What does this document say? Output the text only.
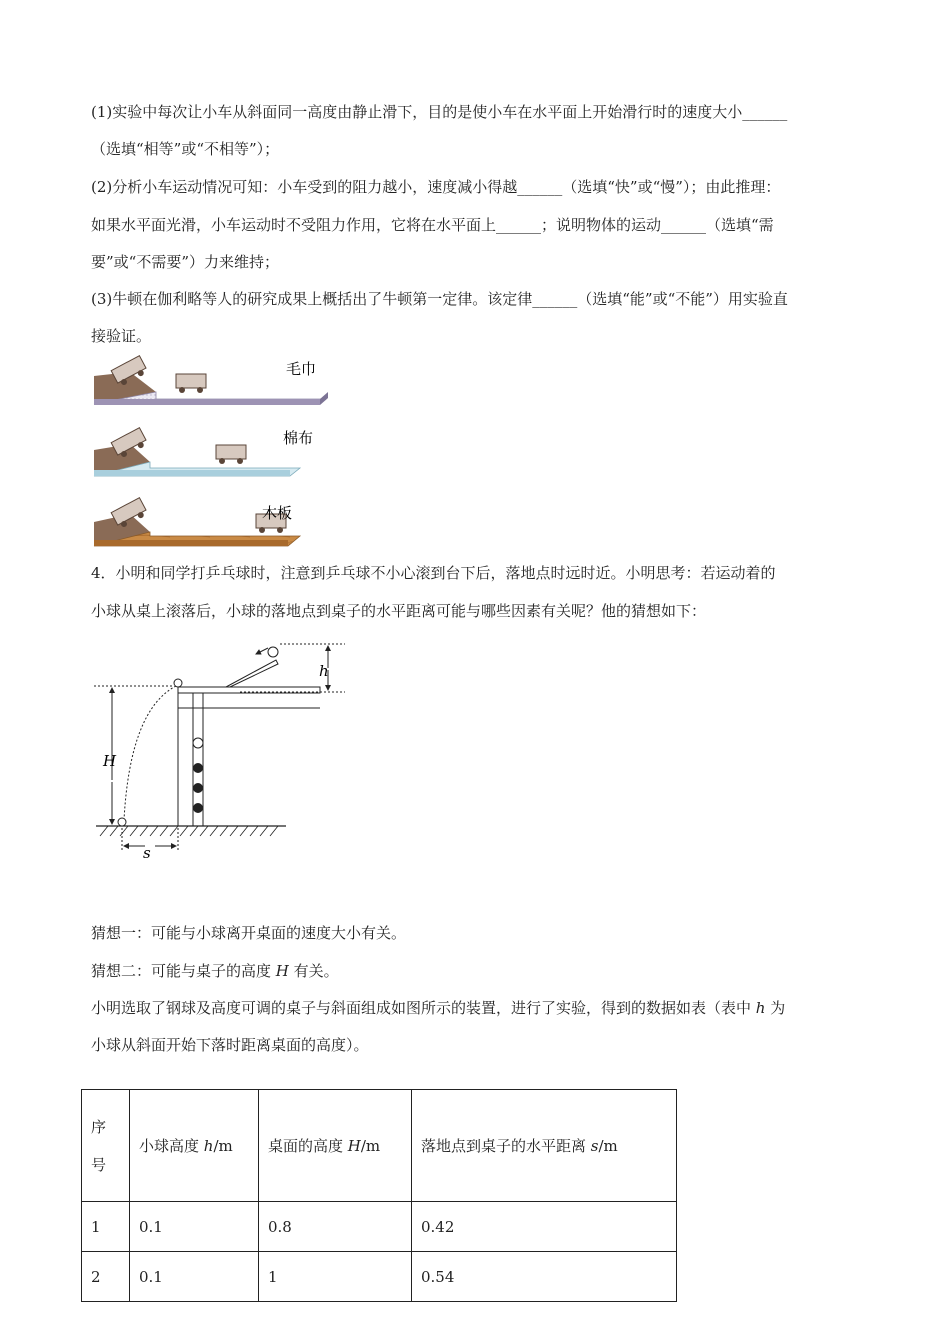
(1)实验中每次让小车从斜面同一高度由静止滑下，目的是使小车在水平面上开始滑行时的速度大小______
（选填“相等”或“不相等”）；
(2)分析小车运动情况可知：小车受到的阻力越小，速度减小得越______（选填“快”或“慢”）；由此推理：
如果水平面光滑，小车运动时不受阻力作用，它将在水平面上______；说明物体的运动______（选填“需
要”或“不需要”）力来维持；
(3)牛顿在伽利略等人的研究成果上概括出了牛顿第一定律。该定律______（选填“能”或“不能”）用实验直
接验证。
毛巾
棉布
木板
4．小明和同学打乒乓球时，注意到乒乓球不小心滚到台下后，落地点时远时近。小明思考：若运动着的
小球从桌上滚落后，小球的落地点到桌子的水平距离可能与哪些因素有关呢？他的猜想如下：
h
H
s
猜想一：可能与小球离开桌面的速度大小有关。
猜想二：可能与桌子的高度 H 有关。
小明选取了钢球及高度可调的桌子与斜面组成如图所示的装置，进行了实验，得到的数据如表（表中 h 为
小球从斜面开始下落时距离桌面的高度）。
序
号	小球高度 h/m	桌面的高度 H/m	落地点到桌子的水平距离 s/m
1	0.1	0.8	0.42
2	0.1	1	0.54
